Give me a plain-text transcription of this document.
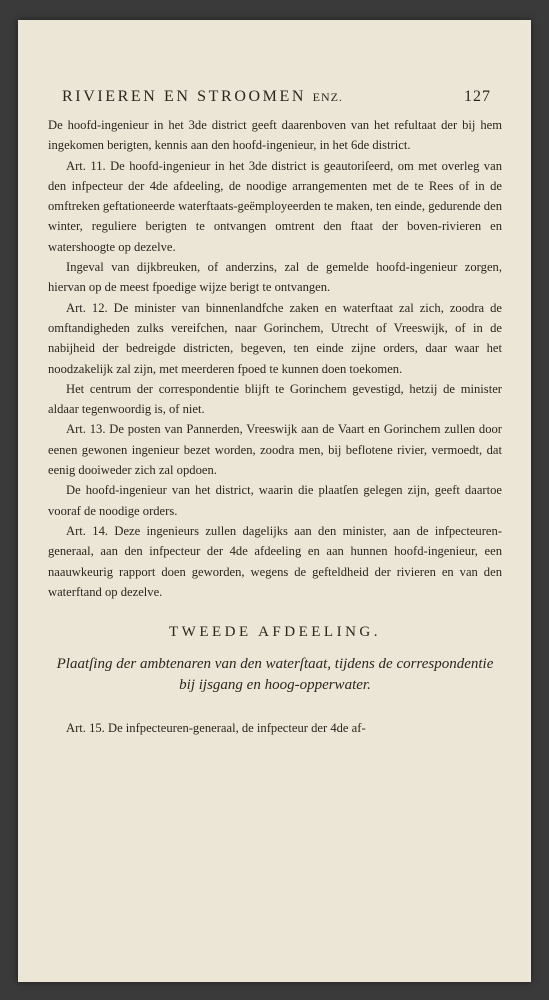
RIVIEREN EN STROOMEN ENZ.	127

De hoofd-ingenieur in het 3de district geeft daarenboven van het refultaat der bij hem ingekomen berigten, kennis aan den hoofd-ingenieur, in het 6de district.

Art. 11. De hoofd-ingenieur in het 3de district is geautoriſeerd, om met overleg van den infpecteur der 4de afdeeling, de noodige arrangementen met de te Rees of in de omftreken geftationeerde waterftaats-geëmployeerden te maken, ten einde, gedurende den winter, reguliere berigten te ontvangen omtrent den ftaat der boven-rivieren en watershoogte op dezelve.

Ingeval van dijkbreuken, of anderzins, zal de gemelde hoofd-ingenieur zorgen, hiervan op de meest fpoedige wijze berigt te ontvangen.

Art. 12. De minister van binnenlandfche zaken en waterftaat zal zich, zoodra de omftandigheden zulks vereifchen, naar Gorinchem, Utrecht of Vreeswijk, of in de nabijheid der bedreigde districten, begeven, ten einde zijne orders, daar waar het noodzakelijk zal zijn, met meerderen fpoed te kunnen doen toekomen.

Het centrum der correspondentie blijft te Gorinchem gevestigd, hetzij de minister aldaar tegenwoordig is, of niet.

Art. 13. De posten van Pannerden, Vreeswijk aan de Vaart en Gorinchem zullen door eenen gewonen ingenieur bezet worden, zoodra men, bij beflotene rivier, vermoedt, dat eenig dooiweder zich zal opdoen.

De hoofd-ingenieur van het district, waarin die plaatſen gelegen zijn, geeft daartoe vooraf de noodige orders.

Art. 14. Deze ingenieurs zullen dagelijks aan den minister, aan de infpecteuren-generaal, aan den infpecteur der 4de afdeeling en aan hunnen hoofd-ingenieur, een naauwkeurig rapport doen geworden, wegens de gefteldheid der rivieren en van den waterftand op dezelve.

TWEEDE AFDEELING.
Plaatſing der ambtenaren van den waterſtaat, tijdens de correspondentie bij ijsgang en hoog-opperwater.

Art. 15. De infpecteuren-generaal, de infpecteur der 4de af-
